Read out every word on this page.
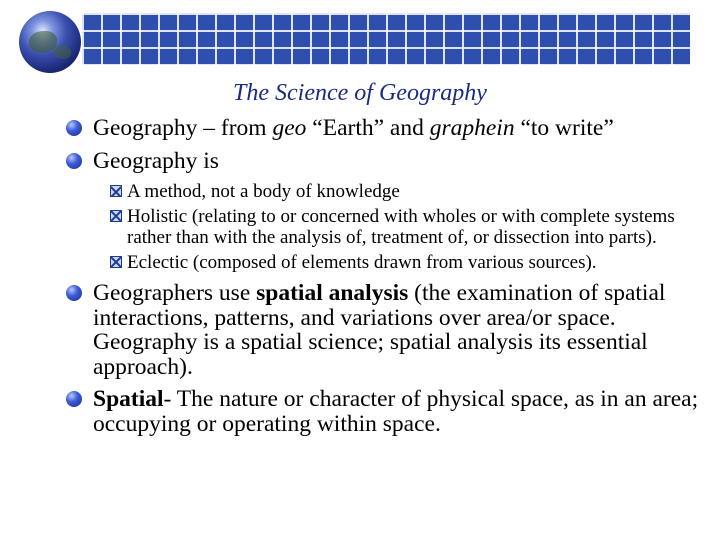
The Science of Geography
Geography – from geo “Earth” and graphein “to write”
Geography is
A method, not a body of knowledge
Holistic (relating to or concerned with wholes or with complete systems rather than with the analysis of, treatment of, or dissection into parts).
Eclectic (composed of elements drawn from various sources).
Geographers use spatial analysis (the examination of spatial interactions, patterns, and variations over area/or space. Geography is a spatial science; spatial analysis its essential approach).
Spatial- The nature or character of physical space, as in an area; occupying or operating within space.
